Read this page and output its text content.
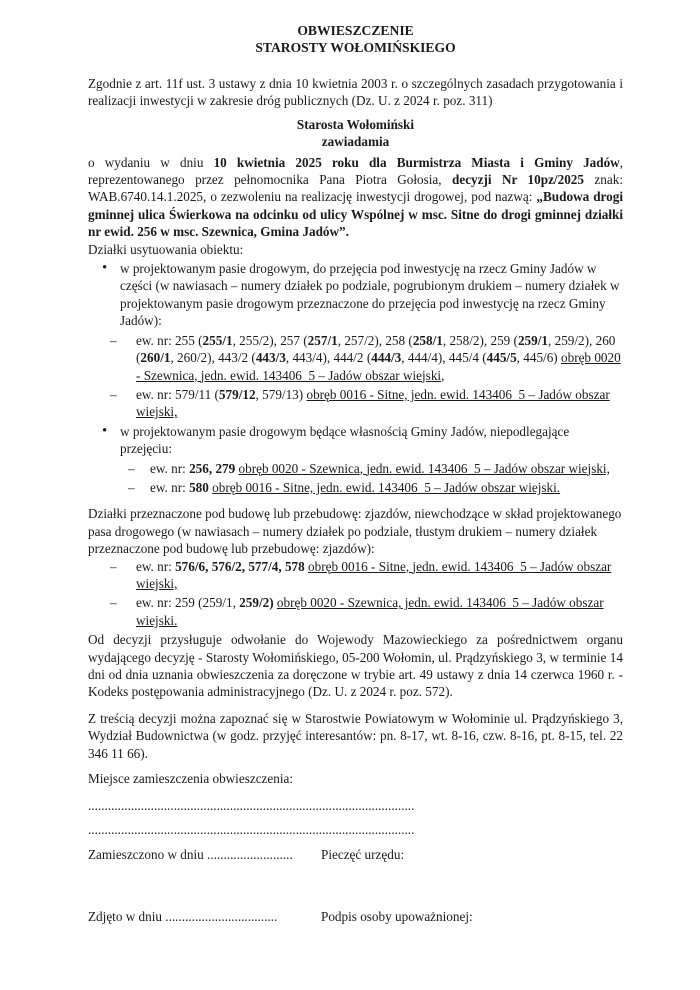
OBWIESZCZENIE
STAROSTY WOŁOMIŃSKIEGO

Zgodnie z art. 11f ust. 3 ustawy z dnia 10 kwietnia 2003 r. o szczególnych zasadach przygotowania i realizacji inwestycji w zakresie dróg publicznych (Dz. U. z 2024 r. poz. 311)

Starosta Wołomiński
zawiadamia

o wydaniu w dniu 10 kwietnia 2025 roku dla Burmistrza Miasta i Gminy Jadów, reprezentowanego przez pełnomocnika Pana Piotra Gołosia, decyzji Nr 10pz/2025 znak: WAB.6740.14.1.2025, o zezwoleniu na realizację inwestycji drogowej, pod nazwą: „Budowa drogi gminnej ulica Świerkowa na odcinku od ulicy Wspólnej w msc. Sitne do drogi gminnej działki nr ewid. 256 w msc. Szewnica, Gmina Jadów”.

Działki usytuowania obiektu:

• w projektowanym pasie drogowym, do przejęcia pod inwestycję na rzecz Gminy Jadów w części (w nawiasach – numery działek po podziale, pogrubionym drukiem – numery działek w projektowanym pasie drogowym przeznaczone do przejęcia pod inwestycję na rzecz Gminy Jadów):
– ew. nr: 255 (255/1, 255/2), 257 (257/1, 257/2), 258 (258/1, 258/2), 259 (259/1, 259/2), 260 (260/1, 260/2), 443/2 (443/3, 443/4), 444/2 (444/3, 444/4), 445/4 (445/5, 445/6) obręb 0020 - Szewnica, jedn. ewid. 143406_5 – Jadów obszar wiejski,
– ew. nr: 579/11 (579/12, 579/13) obręb 0016 - Sitne, jedn. ewid. 143406_5 – Jadów obszar wiejski,
• w projektowanym pasie drogowym będące własnością Gminy Jadów, niepodlegające przejęciu:
– ew. nr: 256, 279 obręb 0020 - Szewnica, jedn. ewid. 143406_5 – Jadów obszar wiejski,
– ew. nr: 580 obręb 0016 - Sitne, jedn. ewid. 143406_5 – Jadów obszar wiejski.

Działki przeznaczone pod budowę lub przebudowę: zjazdów, niewchodzące w skład projektowanego pasa drogowego (w nawiasach – numery działek po podziale, tłustym drukiem – numery działek przeznaczone pod budowę lub przebudowę: zjazdów):

– ew. nr: 576/6, 576/2, 577/4, 578 obręb 0016 - Sitne, jedn. ewid. 143406_5 – Jadów obszar wiejski,
– ew. nr: 259 (259/1, 259/2) obręb 0020 - Szewnica, jedn. ewid. 143406_5 – Jadów obszar wiejski.

Od decyzji przysługuje odwołanie do Wojewody Mazowieckiego za pośrednictwem organu wydającego decyzję - Starosty Wołomińskiego, 05-200 Wołomin, ul. Prądzyńskiego 3, w terminie 14 dni od dnia uznania obwieszczenia za doręczone w trybie art. 49 ustawy z dnia 14 czerwca 1960 r. - Kodeks postępowania administracyjnego (Dz. U. z 2024 r. poz. 572).

Z treścią decyzji można zapoznać się w Starostwie Powiatowym w Wołominie ul. Prądzyńskiego 3, Wydział Budownictwa (w godz. przyjęć interesantów: pn. 8-17, wt. 8-16, czw. 8-16, pt. 8-15, tel. 22 346 11 66).

Miejsce zamieszczenia obwieszczenia:

...................................................................................................

...................................................................................................

Zamieszczono w dniu ..........................	Pieczęć urzędu:
Zdjęto w dniu ..................................	Podpis osoby upoważnionej:
